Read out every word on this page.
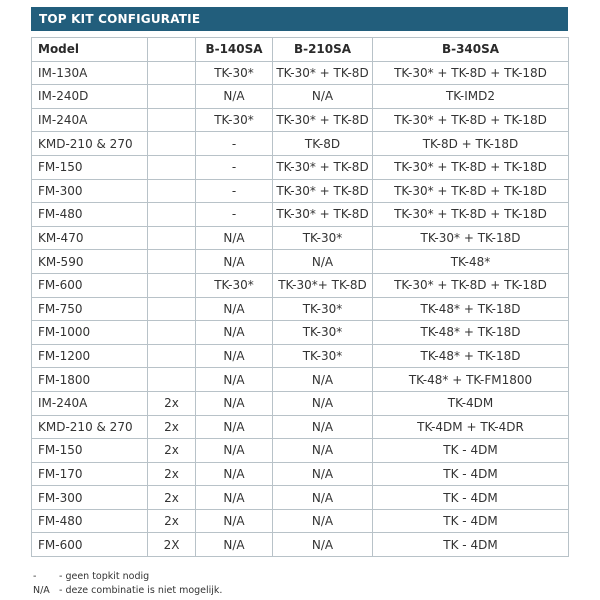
TOP KIT CONFIGURATIE
Model		B-140SA	B-210SA	B-340SA
IM-130A		TK-30*	TK-30* + TK-8D	TK-30* + TK-8D + TK-18D
IM-240D		N/A	N/A	TK-IMD2
IM-240A		TK-30*	TK-30* + TK-8D	TK-30* + TK-8D + TK-18D
KMD-210 & 270		-	TK-8D	TK-8D + TK-18D
FM-150		-	TK-30* + TK-8D	TK-30* + TK-8D + TK-18D
FM-300		-	TK-30* + TK-8D	TK-30* + TK-8D + TK-18D
FM-480		-	TK-30* + TK-8D	TK-30* + TK-8D + TK-18D
KM-470		N/A	TK-30*	TK-30* + TK-18D
KM-590		N/A	N/A	TK-48*
FM-600		TK-30*	TK-30*+ TK-8D	TK-30* + TK-8D + TK-18D
FM-750		N/A	TK-30*	TK-48* + TK-18D
FM-1000		N/A	TK-30*	TK-48* + TK-18D
FM-1200		N/A	TK-30*	TK-48* + TK-18D
FM-1800		N/A	N/A	TK-48* + TK-FM1800
IM-240A	2x	N/A	N/A	TK-4DM
KMD-210 & 270	2x	N/A	N/A	TK-4DM + TK-4DR
FM-150	2x	N/A	N/A	TK - 4DM
FM-170	2x	N/A	N/A	TK - 4DM
FM-300	2x	N/A	N/A	TK - 4DM
FM-480	2x	N/A	N/A	TK - 4DM
FM-600	2X	N/A	N/A	TK - 4DM
- - geen topkit nodig
N/A - deze combinatie is niet mogelijk.
